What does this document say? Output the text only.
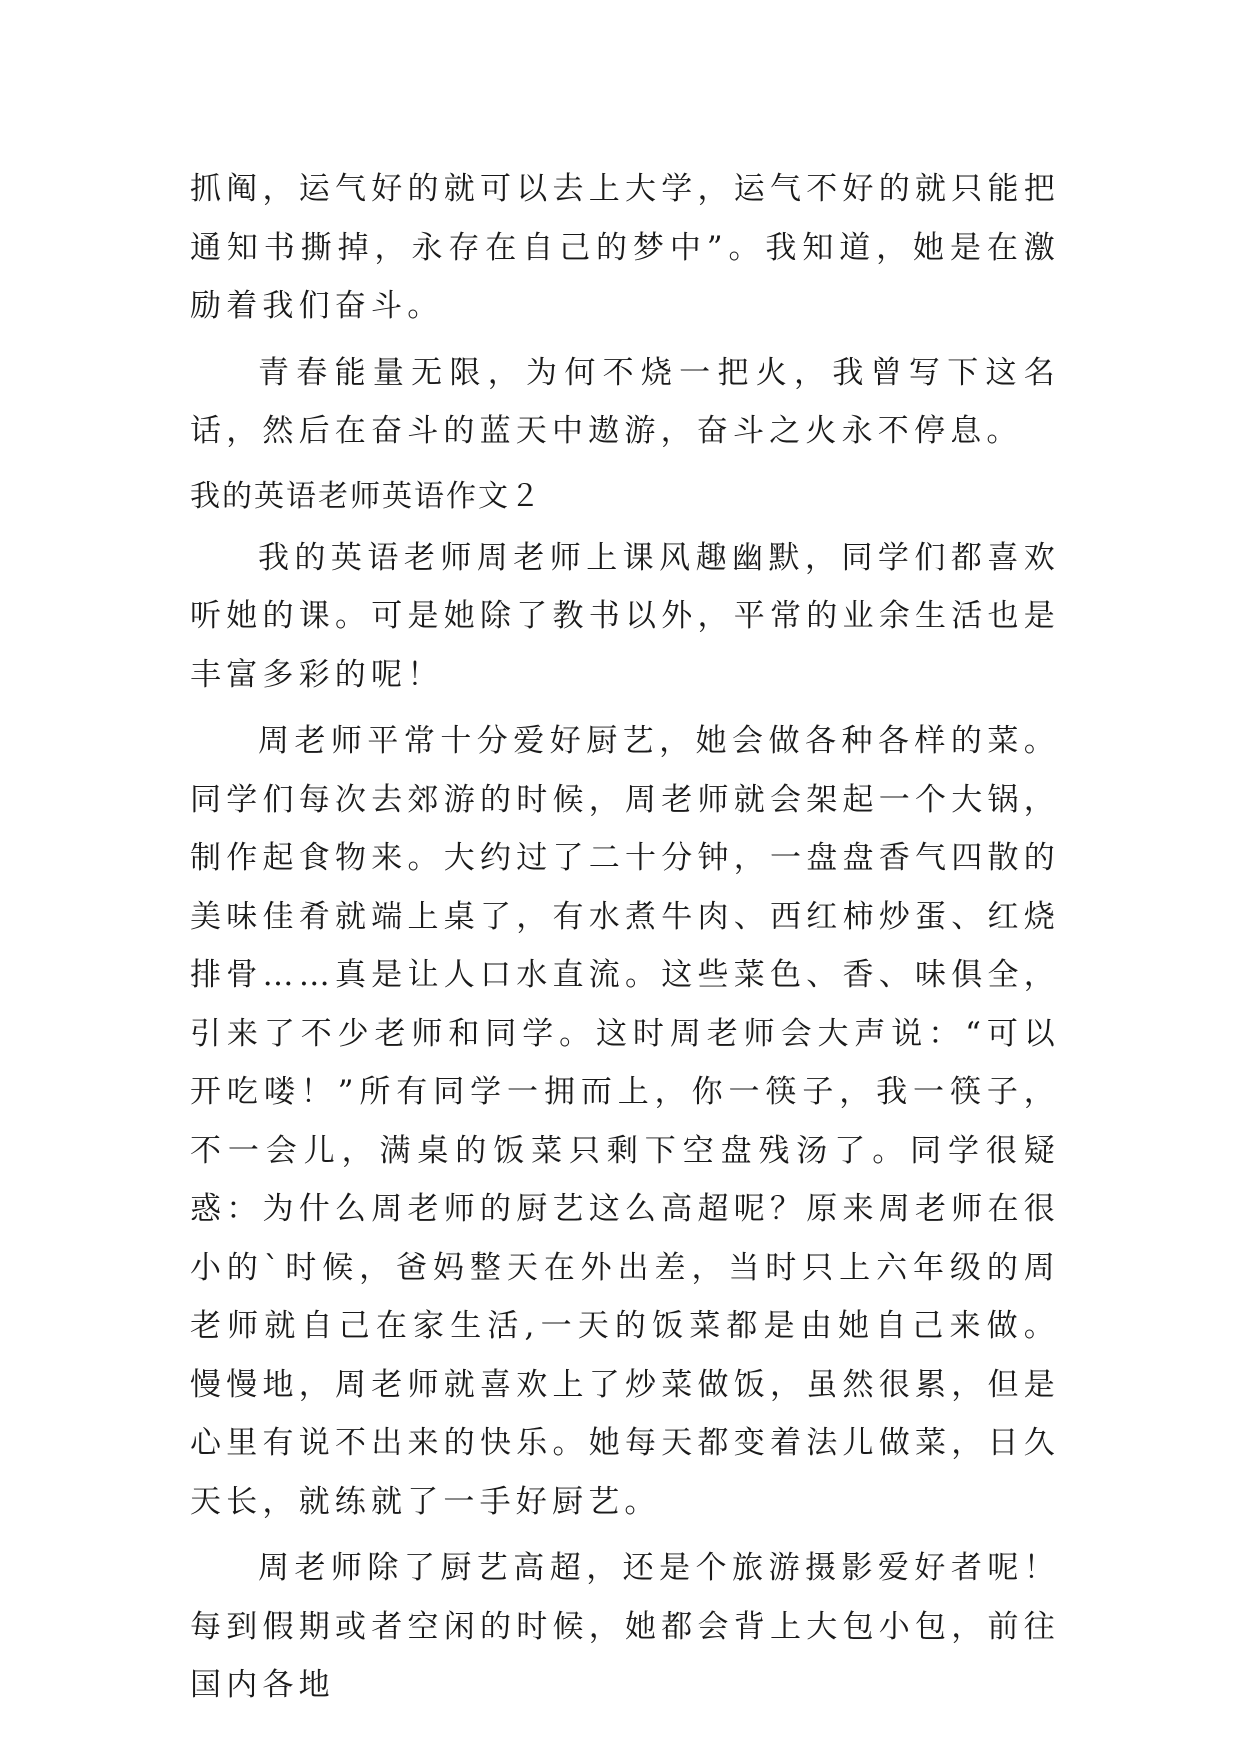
抓阄，运气好的就可以去上大学，运气不好的就只能把通知书撕掉，永存在自己的梦中”。我知道，她是在激励着我们奋斗。

青春能量无限，为何不烧一把火，我曾写下这名话，然后在奋斗的蓝天中遨游，奋斗之火永不停息。

我的英语老师英语作文２

我的英语老师周老师上课风趣幽默，同学们都喜欢听她的课。可是她除了教书以外，平常的业余生活也是丰富多彩的呢！

周老师平常十分爱好厨艺，她会做各种各样的菜。同学们每次去郊游的时候，周老师就会架起一个大锅，制作起食物来。大约过了二十分钟，一盘盘香气四散的美味佳肴就端上桌了，有水煮牛肉、西红柿炒蛋、红烧排骨……真是让人口水直流。这些菜色、香、味俱全，引来了不少老师和同学。这时周老师会大声说：“可以开吃喽！”所有同学一拥而上，你一筷子，我一筷子，不一会儿，满桌的饭菜只剩下空盘残汤了。同学很疑惑：为什么周老师的厨艺这么高超呢？原来周老师在很小的`时候，爸妈整天在外出差，当时只上六年级的周老师就自己在家生活,一天的饭菜都是由她自己来做。慢慢地，周老师就喜欢上了炒菜做饭，虽然很累，但是心里有说不出来的快乐。她每天都变着法儿做菜，日久天长，就练就了一手好厨艺。

周老师除了厨艺高超，还是个旅游摄影爱好者呢！每到假期或者空闲的时候，她都会背上大包小包，前往国内各地
